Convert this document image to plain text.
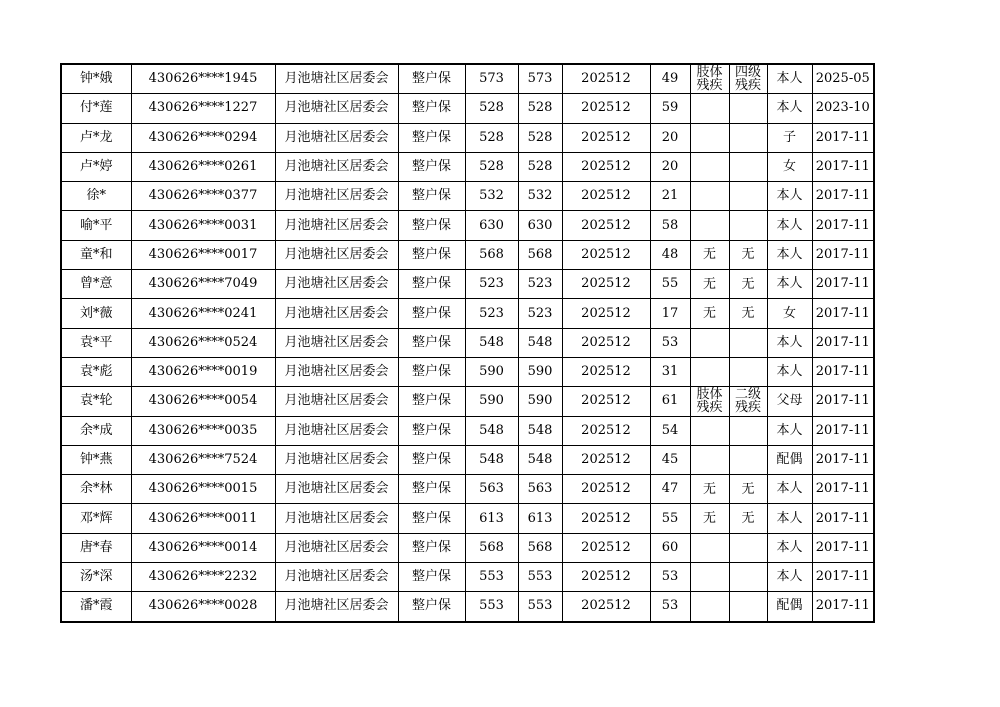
钟*娥	430626****1945	月池塘社区居委会	整户保	573	573	202512	49	肢体残疾	四级残疾	本人	2025-05
付*莲	430626****1227	月池塘社区居委会	整户保	528	528	202512	59			本人	2023-10
卢*龙	430626****0294	月池塘社区居委会	整户保	528	528	202512	20			子	2017-11
卢*婷	430626****0261	月池塘社区居委会	整户保	528	528	202512	20			女	2017-11
徐*	430626****0377	月池塘社区居委会	整户保	532	532	202512	21			本人	2017-11
喻*平	430626****0031	月池塘社区居委会	整户保	630	630	202512	58			本人	2017-11
童*和	430626****0017	月池塘社区居委会	整户保	568	568	202512	48	无	无	本人	2017-11
曾*意	430626****7049	月池塘社区居委会	整户保	523	523	202512	55	无	无	本人	2017-11
刘*薇	430626****0241	月池塘社区居委会	整户保	523	523	202512	17	无	无	女	2017-11
袁*平	430626****0524	月池塘社区居委会	整户保	548	548	202512	53			本人	2017-11
袁*彪	430626****0019	月池塘社区居委会	整户保	590	590	202512	31			本人	2017-11
袁*轮	430626****0054	月池塘社区居委会	整户保	590	590	202512	61	肢体残疾	二级残疾	父母	2017-11
余*成	430626****0035	月池塘社区居委会	整户保	548	548	202512	54			本人	2017-11
钟*燕	430626****7524	月池塘社区居委会	整户保	548	548	202512	45			配偶	2017-11
余*林	430626****0015	月池塘社区居委会	整户保	563	563	202512	47	无	无	本人	2017-11
邓*辉	430626****0011	月池塘社区居委会	整户保	613	613	202512	55	无	无	本人	2017-11
唐*春	430626****0014	月池塘社区居委会	整户保	568	568	202512	60			本人	2017-11
汤*深	430626****2232	月池塘社区居委会	整户保	553	553	202512	53			本人	2017-11
潘*霞	430626****0028	月池塘社区居委会	整户保	553	553	202512	53			配偶	2017-11
